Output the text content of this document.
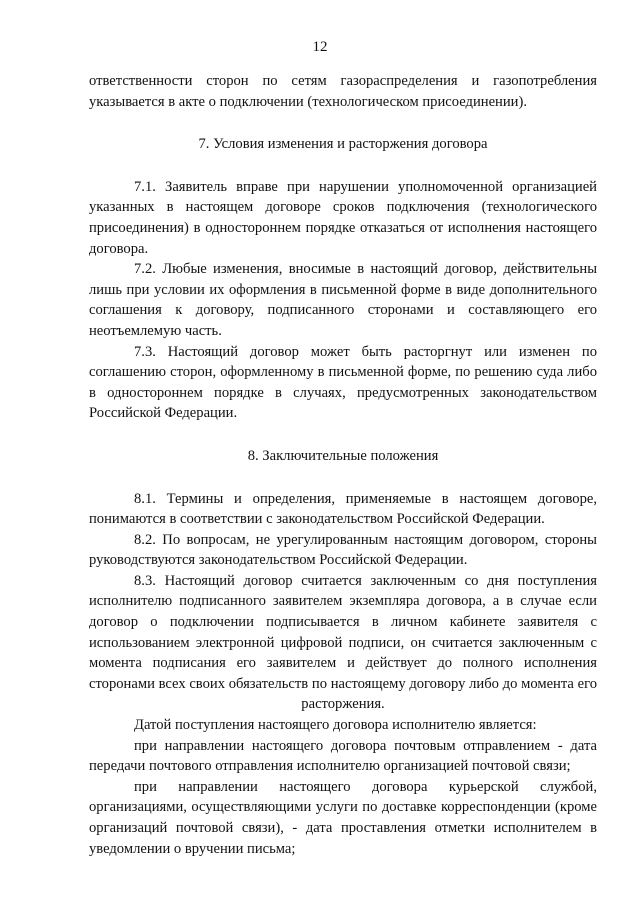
12

ответственности сторон по сетям газораспределения и газопотребления указывается в акте о подключении (технологическом присоединении).

7. Условия изменения и расторжения договора

7.1. Заявитель вправе при нарушении уполномоченной организацией указанных в настоящем договоре сроков подключения (технологического присоединения) в одностороннем порядке отказаться от исполнения настоящего договора.

7.2. Любые изменения, вносимые в настоящий договор, действительны лишь при условии их оформления в письменной форме в виде дополнительного соглашения к договору, подписанного сторонами и составляющего его неотъемлемую часть.

7.3. Настоящий договор может быть расторгнут или изменен по соглашению сторон, оформленному в письменной форме, по решению суда либо в одностороннем порядке в случаях, предусмотренных законодательством Российской Федерации.

8. Заключительные положения

8.1. Термины и определения, применяемые в настоящем договоре, понимаются в соответствии с законодательством Российской Федерации.

8.2. По вопросам, не урегулированным настоящим договором, стороны руководствуются законодательством Российской Федерации.

8.3. Настоящий договор считается заключенным со дня поступления исполнителю подписанного заявителем экземпляра договора, а в случае если договор о подключении подписывается в личном кабинете заявителя с использованием электронной цифровой подписи, он считается заключенным с момента подписания его заявителем и действует до полного исполнения сторонами всех своих обязательств по настоящему договору либо до момента его расторжения.

Датой поступления настоящего договора исполнителю является:

при направлении настоящего договора почтовым отправлением - дата передачи почтового отправления исполнителю организацией почтовой связи;

при направлении настоящего договора курьерской службой, организациями, осуществляющими услуги по доставке корреспонденции (кроме организаций почтовой связи), - дата проставления отметки исполнителем в уведомлении о вручении письма;
